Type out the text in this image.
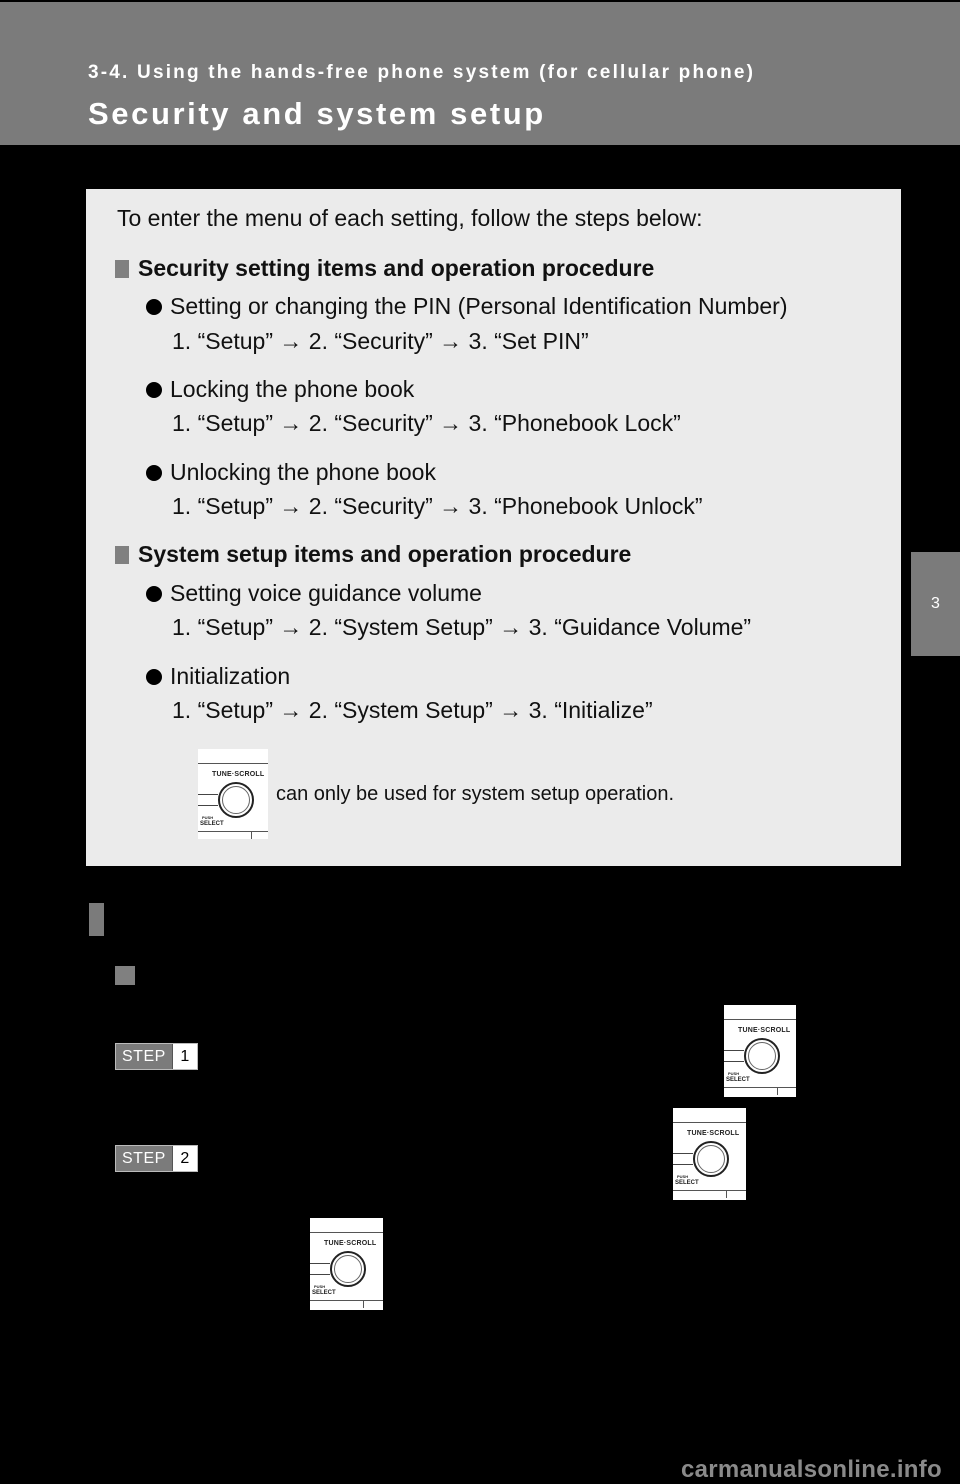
3-4. Using the hands-free phone system (for cellular phone)
Security and system setup
3
To enter the menu of each setting, follow the steps below:
Security setting items and operation procedure
Setting or changing the PIN (Personal Identification Number)
1. “Setup” → 2. “Security” → 3. “Set PIN”
Locking the phone book
1. “Setup” → 2. “Security” → 3. “Phonebook Lock”
Unlocking the phone book
1. “Setup” → 2. “Security” → 3. “Phonebook Unlock”
System setup items and operation procedure
Setting voice guidance volume
1. “Setup” → 2. “System Setup” → 3. “Guidance Volume”
Initialization
1. “Setup” → 2. “System Setup” → 3. “Initialize”
TUNE·SCROLL
PUSH
SELECT
can only be used for system setup operation.
STEP 1
TUNE·SCROLL
PUSH
SELECT
STEP 2
TUNE·SCROLL
PUSH
SELECT
TUNE·SCROLL
PUSH
SELECT
carmanualsonline.info
